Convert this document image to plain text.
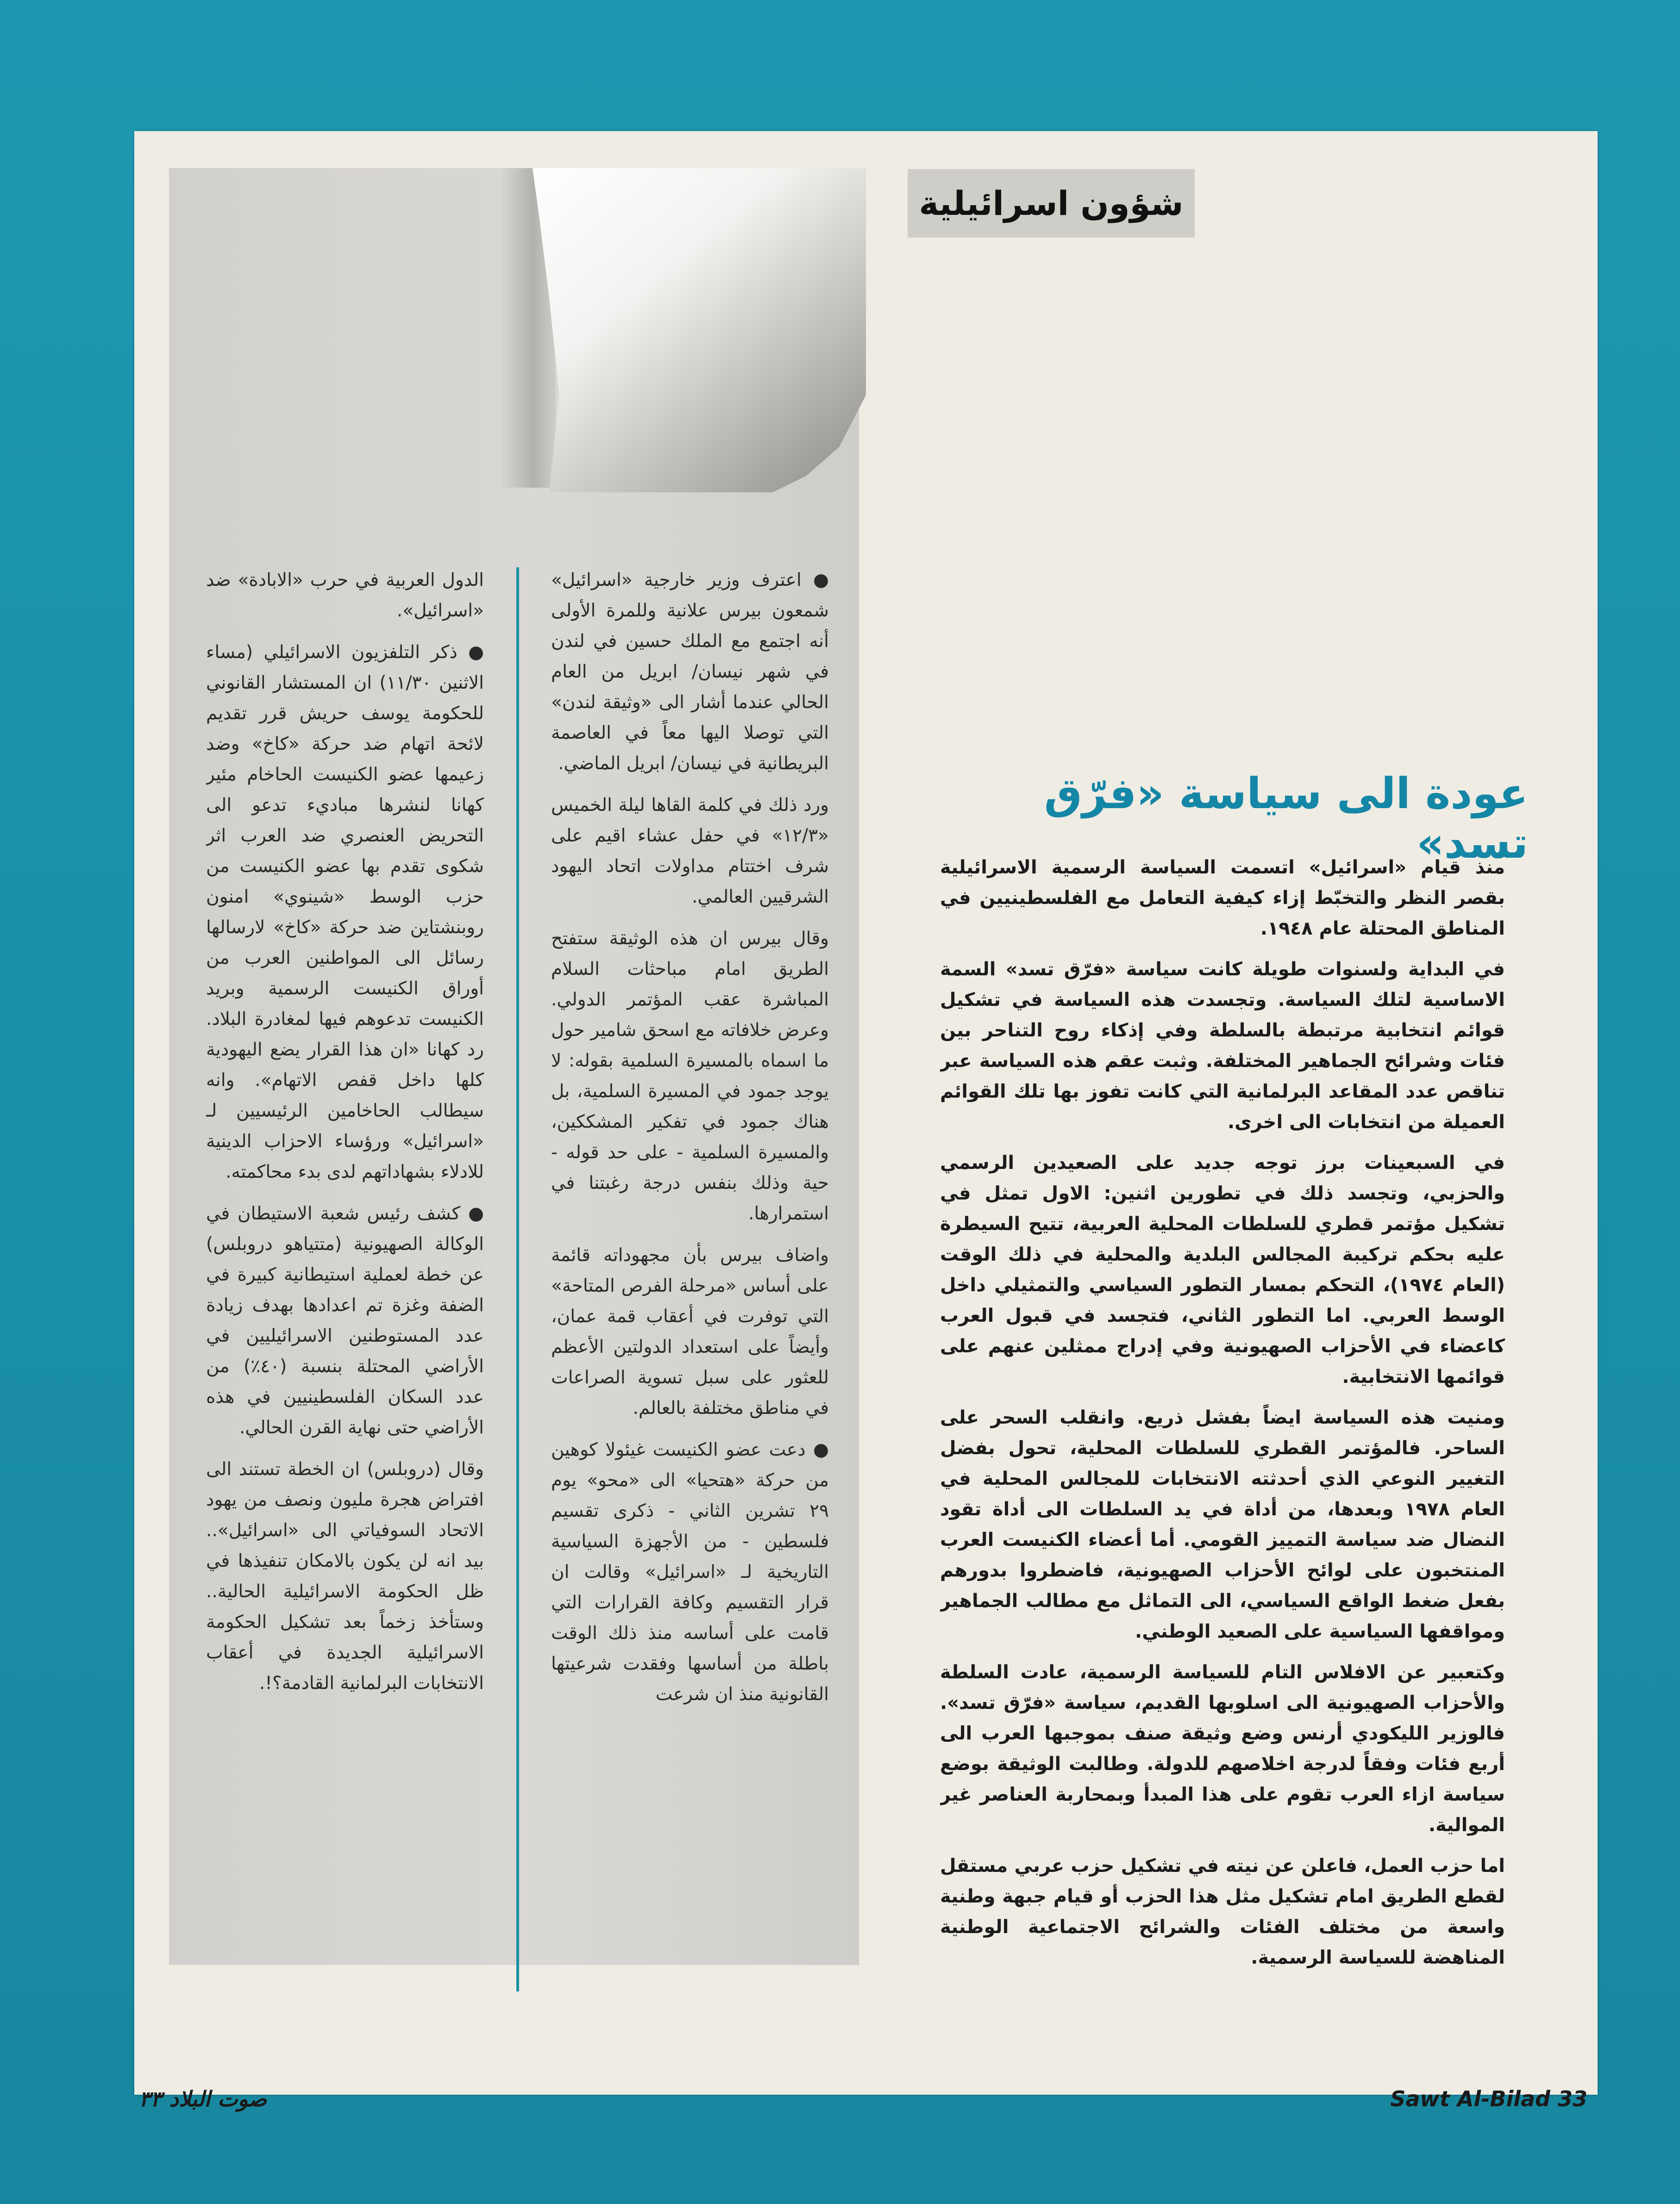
شؤون اسرائيلية
عودة الى سياسة «فرّق تسد»

منذ قيام «اسرائيل» اتسمت السياسة الرسمية الاسرائيلية بقصر النظر والتخبّط إزاء كيفية التعامل مع الفلسطينيين في المناطق المحتلة عام ١٩٤٨.

في البداية ولسنوات طويلة كانت سياسة «فرّق تسد» السمة الاساسية لتلك السياسة. وتجسدت هذه السياسة في تشكيل قوائم انتخابية مرتبطة بالسلطة وفي إذكاء روح التناحر بين فئات وشرائح الجماهير المختلفة. وثبت عقم هذه السياسة عبر تناقص عدد المقاعد البرلمانية التي كانت تفوز بها تلك القوائم العميلة من انتخابات الى اخرى.

في السبعينات برز توجه جديد على الصعيدين الرسمي والحزبي، وتجسد ذلك في تطورين اثنين: الاول تمثل في تشكيل مؤتمر قطري للسلطات المحلية العربية، تتيح السيطرة عليه بحكم تركيبة المجالس البلدية والمحلية في ذلك الوقت (العام ١٩٧٤)، التحكم بمسار التطور السياسي والتمثيلي داخل الوسط العربي. اما التطور الثاني، فتجسد في قبول العرب كاعضاء في الأحزاب الصهيونية وفي إدراج ممثلين عنهم على قوائمها الانتخابية.

ومنيت هذه السياسة ايضاً بفشل ذريع. وانقلب السحر على الساحر. فالمؤتمر القطري للسلطات المحلية، تحول بفضل التغيير النوعي الذي أحدثته الانتخابات للمجالس المحلية في العام ١٩٧٨ وبعدها، من أداة في يد السلطات الى أداة تقود النضال ضد سياسة التمييز القومي. أما أعضاء الكنيست العرب المنتخبون على لوائح الأحزاب الصهيونية، فاضطروا بدورهم بفعل ضغط الواقع السياسي، الى التماثل مع مطالب الجماهير ومواقفها السياسية على الصعيد الوطني.

وكتعبير عن الافلاس التام للسياسة الرسمية، عادت السلطة والأحزاب الصهيونية الى اسلوبها القديم، سياسة «فرّق تسد». فالوزير الليكودي أرنس وضع وثيقة صنف بموجبها العرب الى أربع فئات وفقاً لدرجة اخلاصهم للدولة. وطالبت الوثيقة بوضع سياسة ازاء العرب تقوم على هذا المبدأ وبمحاربة العناصر غير الموالية.

اما حزب العمل، فاعلن عن نيته في تشكيل حزب عربي مستقل لقطع الطريق امام تشكيل مثل هذا الحزب أو قيام جبهة وطنية واسعة من مختلف الفئات والشرائح الاجتماعية الوطنية المناهضة للسياسة الرسمية.

● اعترف وزير خارجية «اسرائيل» شمعون بيرس علانية وللمرة الأولى أنه اجتمع مع الملك حسين في لندن في شهر نيسان/ ابريل من العام الحالي عندما أشار الى «وثيقة لندن» التي توصلا اليها معاً في العاصمة البريطانية في نيسان/ ابريل الماضي.

ورد ذلك في كلمة القاها ليلة الخميس «١٢/٣» في حفل عشاء اقيم على شرف اختتام مداولات اتحاد اليهود الشرقيين العالمي.

وقال بيرس ان هذه الوثيقة ستفتح الطريق امام مباحثات السلام المباشرة عقب المؤتمر الدولي. وعرض خلافاته مع اسحق شامير حول ما اسماه بالمسيرة السلمية بقوله: لا يوجد جمود في المسيرة السلمية، بل هناك جمود في تفكير المشككين، والمسيرة السلمية - على حد قوله - حية وذلك بنفس درجة رغبتنا في استمرارها.

واضاف بيرس بأن مجهوداته قائمة على أساس «مرحلة الفرص المتاحة» التي توفرت في أعقاب قمة عمان، وأيضاً على استعداد الدولتين الأعظم للعثور على سبل تسوية الصراعات في مناطق مختلفة بالعالم.

● دعت عضو الكنيست غيئولا كوهين من حركة «هتحيا» الى «محو» يوم ٢٩ تشرين الثاني - ذكرى تقسيم فلسطين - من الأجهزة السياسية التاريخية لـ «اسرائيل» وقالت ان قرار التقسيم وكافة القرارات التي قامت على أساسه منذ ذلك الوقت باطلة من أساسها وفقدت شرعيتها القانونية منذ ان شرعت

الدول العربية في حرب «الابادة» ضد «اسرائيل».

● ذكر التلفزيون الاسرائيلي (مساء الاثنين ١١/٣٠) ان المستشار القانوني للحكومة يوسف حريش قرر تقديم لائحة اتهام ضد حركة «كاخ» وضد زعيمها عضو الكنيست الحاخام مئير كهانا لنشرها مباديء تدعو الى التحريض العنصري ضد العرب اثر شكوى تقدم بها عضو الكنيست من حزب الوسط «شينوي» امنون روبنشتاين ضد حركة «كاخ» لارسالها رسائل الى المواطنين العرب من أوراق الكنيست الرسمية وبريد الكنيست تدعوهم فيها لمغادرة البلاد. رد كهانا «ان هذا القرار يضع اليهودية كلها داخل قفص الاتهام». وانه سيطالب الحاخامين الرئيسيين لـ «اسرائيل» ورؤساء الاحزاب الدينية للادلاء بشهاداتهم لدى بدء محاكمته.

● كشف رئيس شعبة الاستيطان في الوكالة الصهيونية (متتياهو دروبلس) عن خطة لعملية استيطانية كبيرة في الضفة وغزة تم اعدادها بهدف زيادة عدد المستوطنين الاسرائيليين في الأراضي المحتلة بنسبة (٤٠٪) من عدد السكان الفلسطينيين في هذه الأراضي حتى نهاية القرن الحالي.

وقال (دروبلس) ان الخطة تستند الى افتراض هجرة مليون ونصف من يهود الاتحاد السوفياتي الى «اسرائيل».. بيد انه لن يكون بالامكان تنفيذها في ظل الحكومة الاسرائيلية الحالية.. وستأخذ زخماً بعد تشكيل الحكومة الاسرائيلية الجديدة في أعقاب الانتخابات البرلمانية القادمة؟!.

صوت البلاد ٣٣	Sawt Al-Bilad 33
